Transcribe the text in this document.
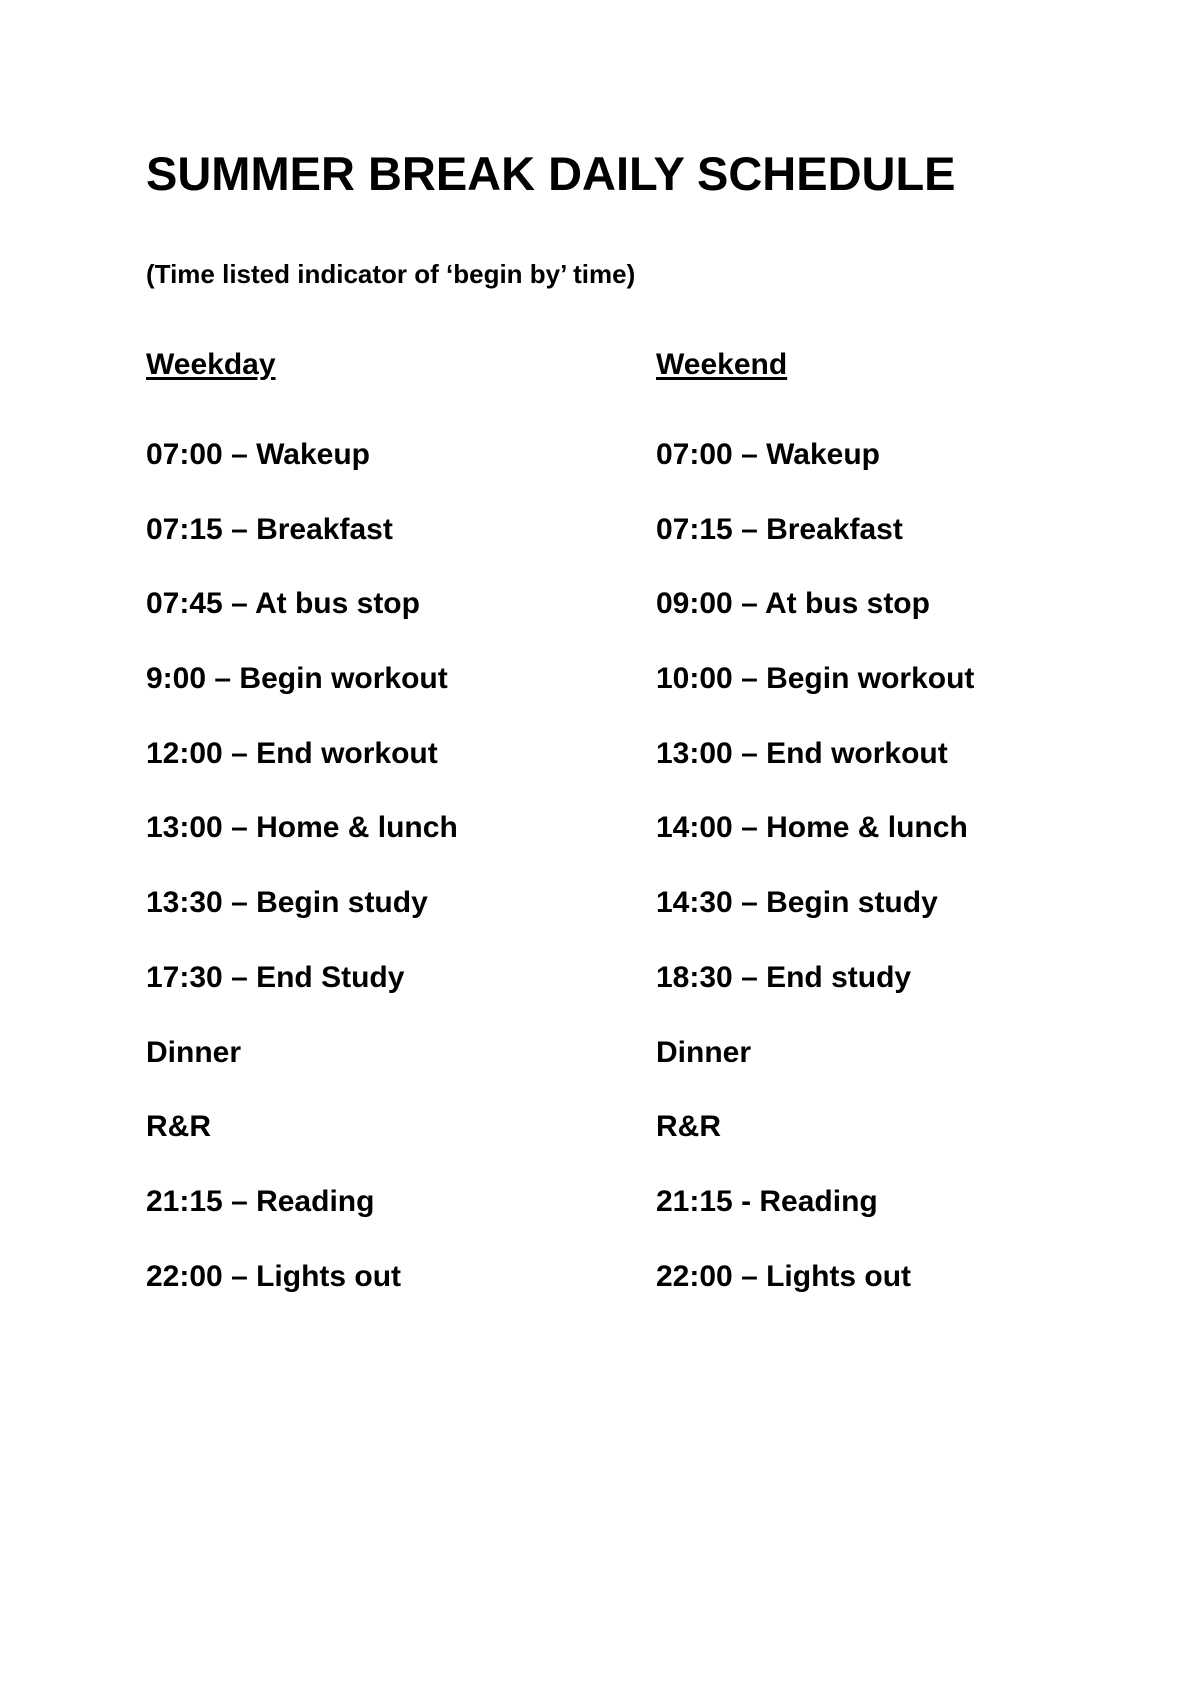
SUMMER BREAK DAILY SCHEDULE

(Time listed indicator of ‘begin by’ time)

Weekday
07:00 – Wakeup
07:15 – Breakfast
07:45 – At bus stop
9:00 – Begin workout
12:00 – End workout
13:00 – Home & lunch
13:30 – Begin study
17:30 – End Study
Dinner
R&R
21:15 – Reading
22:00 – Lights out
Weekend
07:00 – Wakeup
07:15 – Breakfast
09:00 – At bus stop
10:00 – Begin workout
13:00 – End workout
14:00 – Home & lunch
14:30 – Begin study
18:30 – End study
Dinner
R&R
21:15 - Reading
22:00 – Lights out
